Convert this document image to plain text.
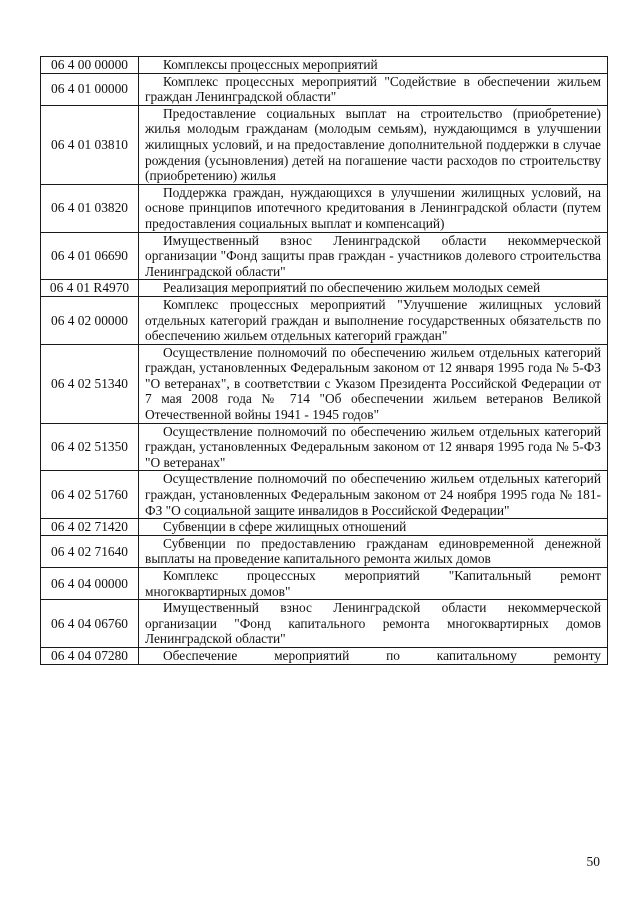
06 4 00 00000	Комплексы процессных мероприятий
06 4 01 00000	Комплекс процессных мероприятий "Содействие в обеспечении жильем граждан Ленинградской области"
06 4 01 03810	Предоставление социальных выплат на строительство (приобретение) жилья молодым гражданам (молодым семьям), нуждающимся в улучшении жилищных условий, и на предоставление дополнительной поддержки в случае рождения (усыновления) детей на погашение части расходов по строительству (приобретению) жилья
06 4 01 03820	Поддержка граждан, нуждающихся в улучшении жилищных условий, на основе принципов ипотечного кредитования в Ленинградской области (путем предоставления социальных выплат и компенсаций)
06 4 01 06690	Имущественный взнос Ленинградской области некоммерческой организации "Фонд защиты прав граждан - участников долевого строительства Ленинградской области"
06 4 01 R4970	Реализация мероприятий по обеспечению жильем молодых семей
06 4 02 00000	Комплекс процессных мероприятий "Улучшение жилищных условий отдельных категорий граждан и выполнение государственных обязательств по обеспечению жильем отдельных категорий граждан"
06 4 02 51340	Осуществление полномочий по обеспечению жильем отдельных категорий граждан, установленных Федеральным законом от 12 января 1995 года № 5-ФЗ "О ветеранах", в соответствии с Указом Президента Российской Федерации от 7 мая 2008 года № 714 "Об обеспечении жильем ветеранов Великой Отечественной войны 1941 - 1945 годов"
06 4 02 51350	Осуществление полномочий по обеспечению жильем отдельных категорий граждан, установленных Федеральным законом от 12 января 1995 года № 5-ФЗ "О ветеранах"
06 4 02 51760	Осуществление полномочий по обеспечению жильем отдельных категорий граждан, установленных Федеральным законом от 24 ноября 1995 года № 181-ФЗ "О социальной защите инвалидов в Российской Федерации"
06 4 02 71420	Субвенции в сфере жилищных отношений
06 4 02 71640	Субвенции по предоставлению гражданам единовременной денежной выплаты на проведение капитального ремонта жилых домов
06 4 04 00000	Комплекс процессных мероприятий "Капитальный ремонт многоквартирных домов"
06 4 04 06760	Имущественный взнос Ленинградской области некоммерческой организации "Фонд капитального ремонта многоквартирных домов Ленинградской области"
06 4 04 07280	Обеспечение мероприятий по капитальному ремонту
50
